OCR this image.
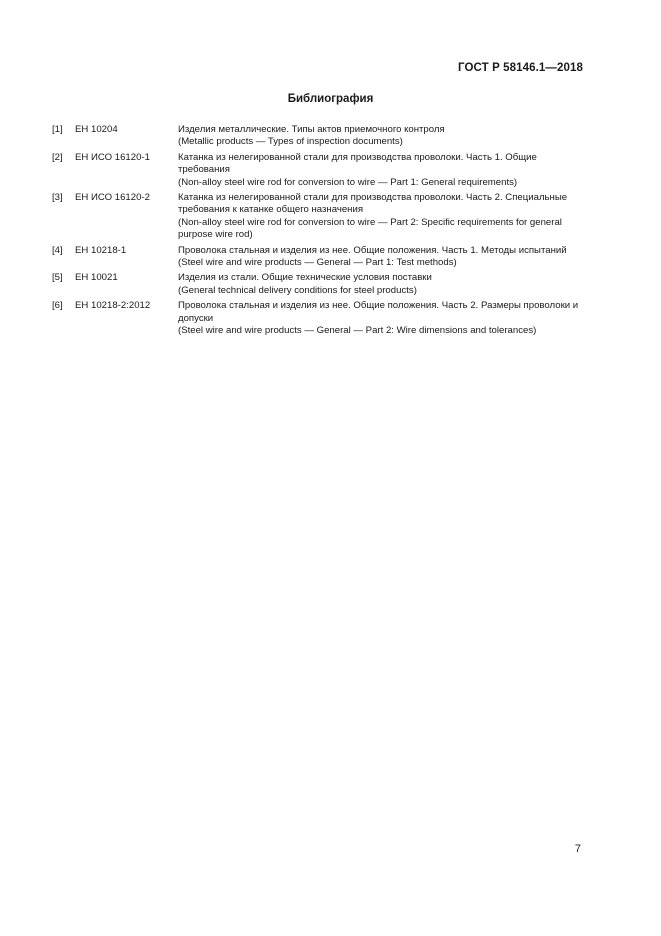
ГОСТ Р 58146.1—2018
Библиография
[1]	ЕН 10204	Изделия металлические. Типы актов приемочного контроля
(Metallic products — Types of inspection documents)
[2]	ЕН ИСО 16120-1	Катанка из нелегированной стали для производства проволоки. Часть 1. Общие требования
(Non-alloy steel wire rod for conversion to wire — Part 1: General requirements)
[3]	ЕН ИСО 16120-2	Катанка из нелегированной стали для производства проволоки. Часть 2. Специальные требования к катанке общего назначения
(Non-alloy steel wire rod for conversion to wire — Part 2: Specific requirements for general purpose wire rod)
[4]	ЕН 10218-1	Проволока стальная и изделия из нее. Общие положения. Часть 1. Методы испытаний
(Steel wire and wire products — General — Part 1: Test methods)
[5]	ЕН 10021	Изделия из стали. Общие технические условия поставки
(General technical delivery conditions for steel products)
[6]	ЕН 10218-2:2012	Проволока стальная и изделия из нее. Общие положения. Часть 2. Размеры проволоки и допуски
(Steel wire and wire products — General — Part 2: Wire dimensions and tolerances)
7
